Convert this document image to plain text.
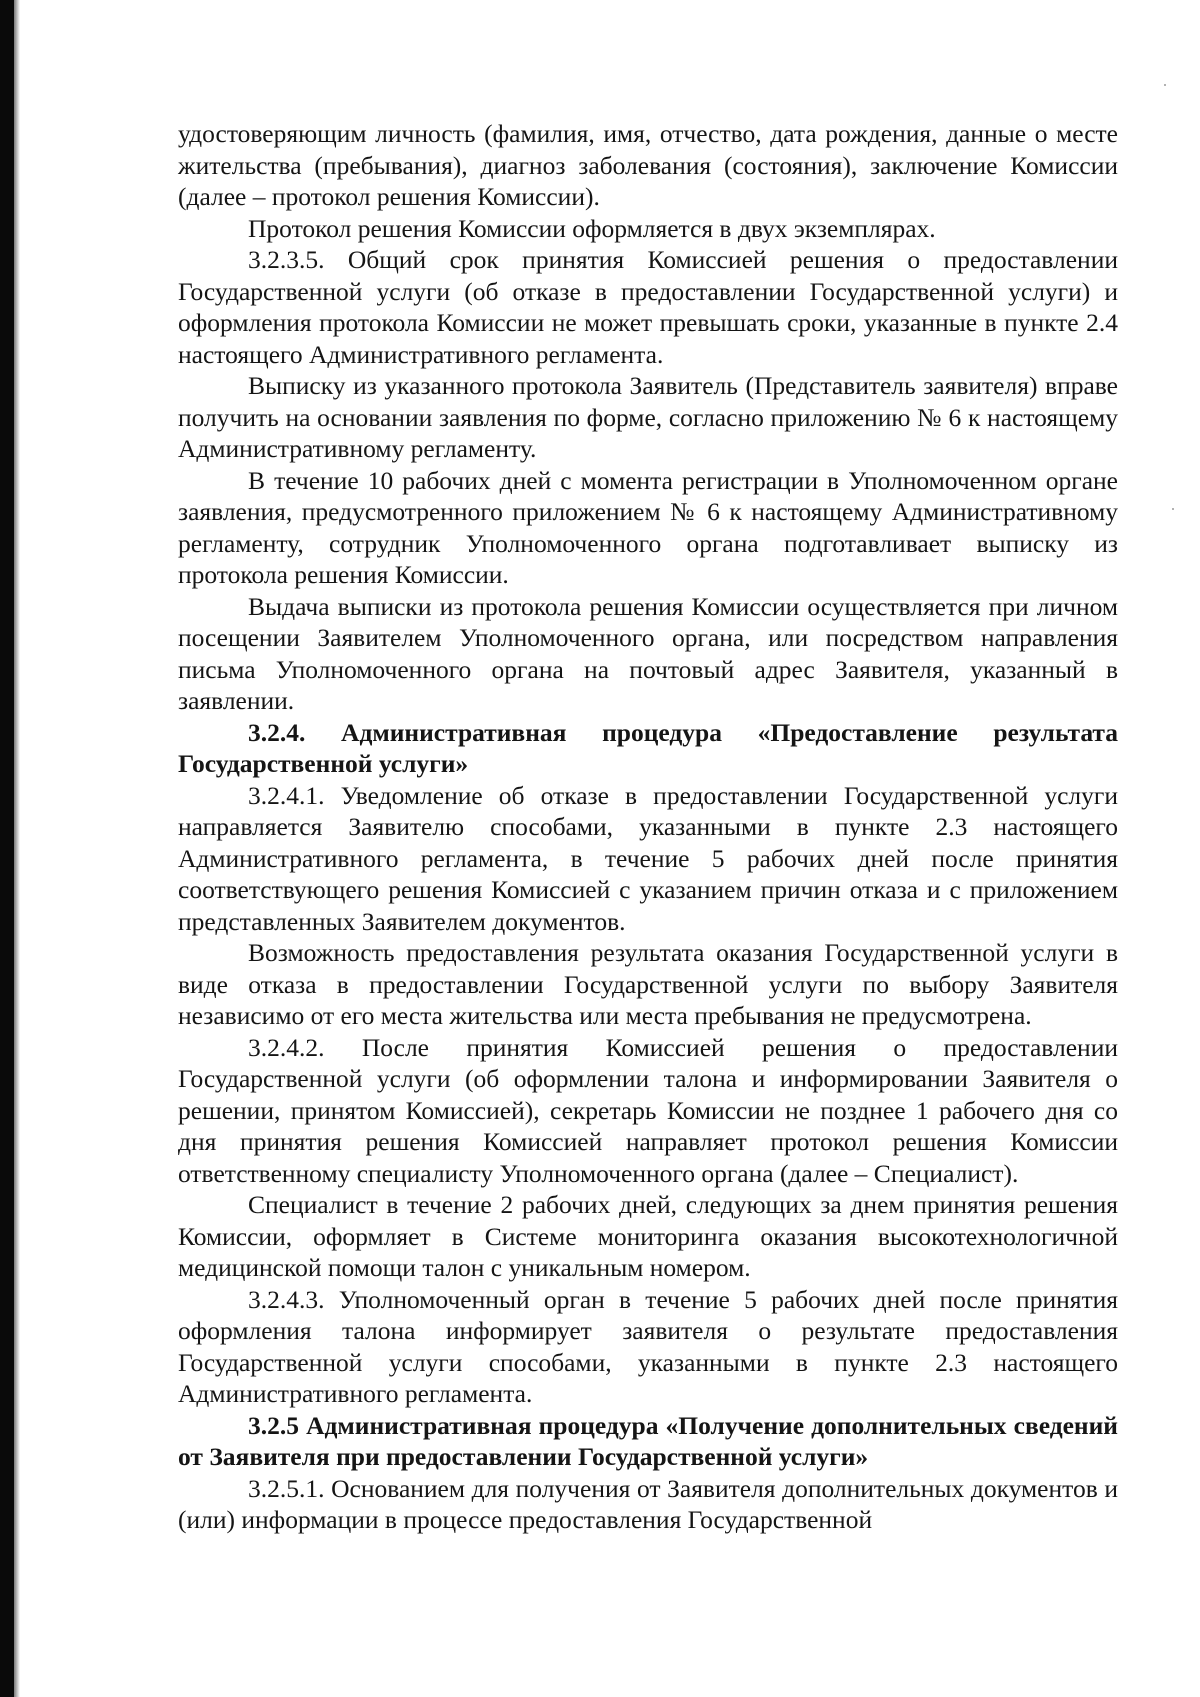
удостоверяющим личность (фамилия, имя, отчество, дата рождения, данные о месте жительства (пребывания), диагноз заболевания (состояния), заключение Комиссии (далее – протокол решения Комиссии).

Протокол решения Комиссии оформляется в двух экземплярах.

3.2.3.5. Общий срок принятия Комиссией решения о предоставлении Государственной услуги (об отказе в предоставлении Государственной услуги) и оформления протокола Комиссии не может превышать сроки, указанные в пункте 2.4 настоящего Административного регламента.

Выписку из указанного протокола Заявитель (Представитель заявителя) вправе получить на основании заявления по форме, согласно приложению № 6 к настоящему Административному регламенту.

В течение 10 рабочих дней с момента регистрации в Уполномоченном органе заявления, предусмотренного приложением № 6 к настоящему Административному регламенту, сотрудник Уполномоченного органа подготавливает выписку из протокола решения Комиссии.

Выдача выписки из протокола решения Комиссии осуществляется при личном посещении Заявителем Уполномоченного органа, или посредством направления письма Уполномоченного органа на почтовый адрес Заявителя, указанный в заявлении.

3.2.4. Административная процедура «Предоставление результата Государственной услуги»

3.2.4.1. Уведомление об отказе в предоставлении Государственной услуги направляется Заявителю способами, указанными в пункте 2.3 настоящего Административного регламента, в течение 5 рабочих дней после принятия соответствующего решения Комиссией с указанием причин отказа и с приложением представленных Заявителем документов.

Возможность предоставления результата оказания Государственной услуги в виде отказа в предоставлении Государственной услуги по выбору Заявителя независимо от его места жительства или места пребывания не предусмотрена.

3.2.4.2. После принятия Комиссией решения о предоставлении Государственной услуги (об оформлении талона и информировании Заявителя о решении, принятом Комиссией), секретарь Комиссии не позднее 1 рабочего дня со дня принятия решения Комиссией направляет протокол решения Комиссии ответственному специалисту Уполномоченного органа (далее – Специалист).

Специалист в течение 2 рабочих дней, следующих за днем принятия решения Комиссии, оформляет в Системе мониторинга оказания высокотехнологичной медицинской помощи талон с уникальным номером.

3.2.4.3. Уполномоченный орган в течение 5 рабочих дней после принятия оформления талона информирует заявителя о результате предоставления Государственной услуги способами, указанными в пункте 2.3 настоящего Административного регламента.

3.2.5 Административная процедура «Получение дополнительных сведений от Заявителя при предоставлении Государственной услуги»

3.2.5.1. Основанием для получения от Заявителя дополнительных документов и (или) информации в процессе предоставления Государственной
